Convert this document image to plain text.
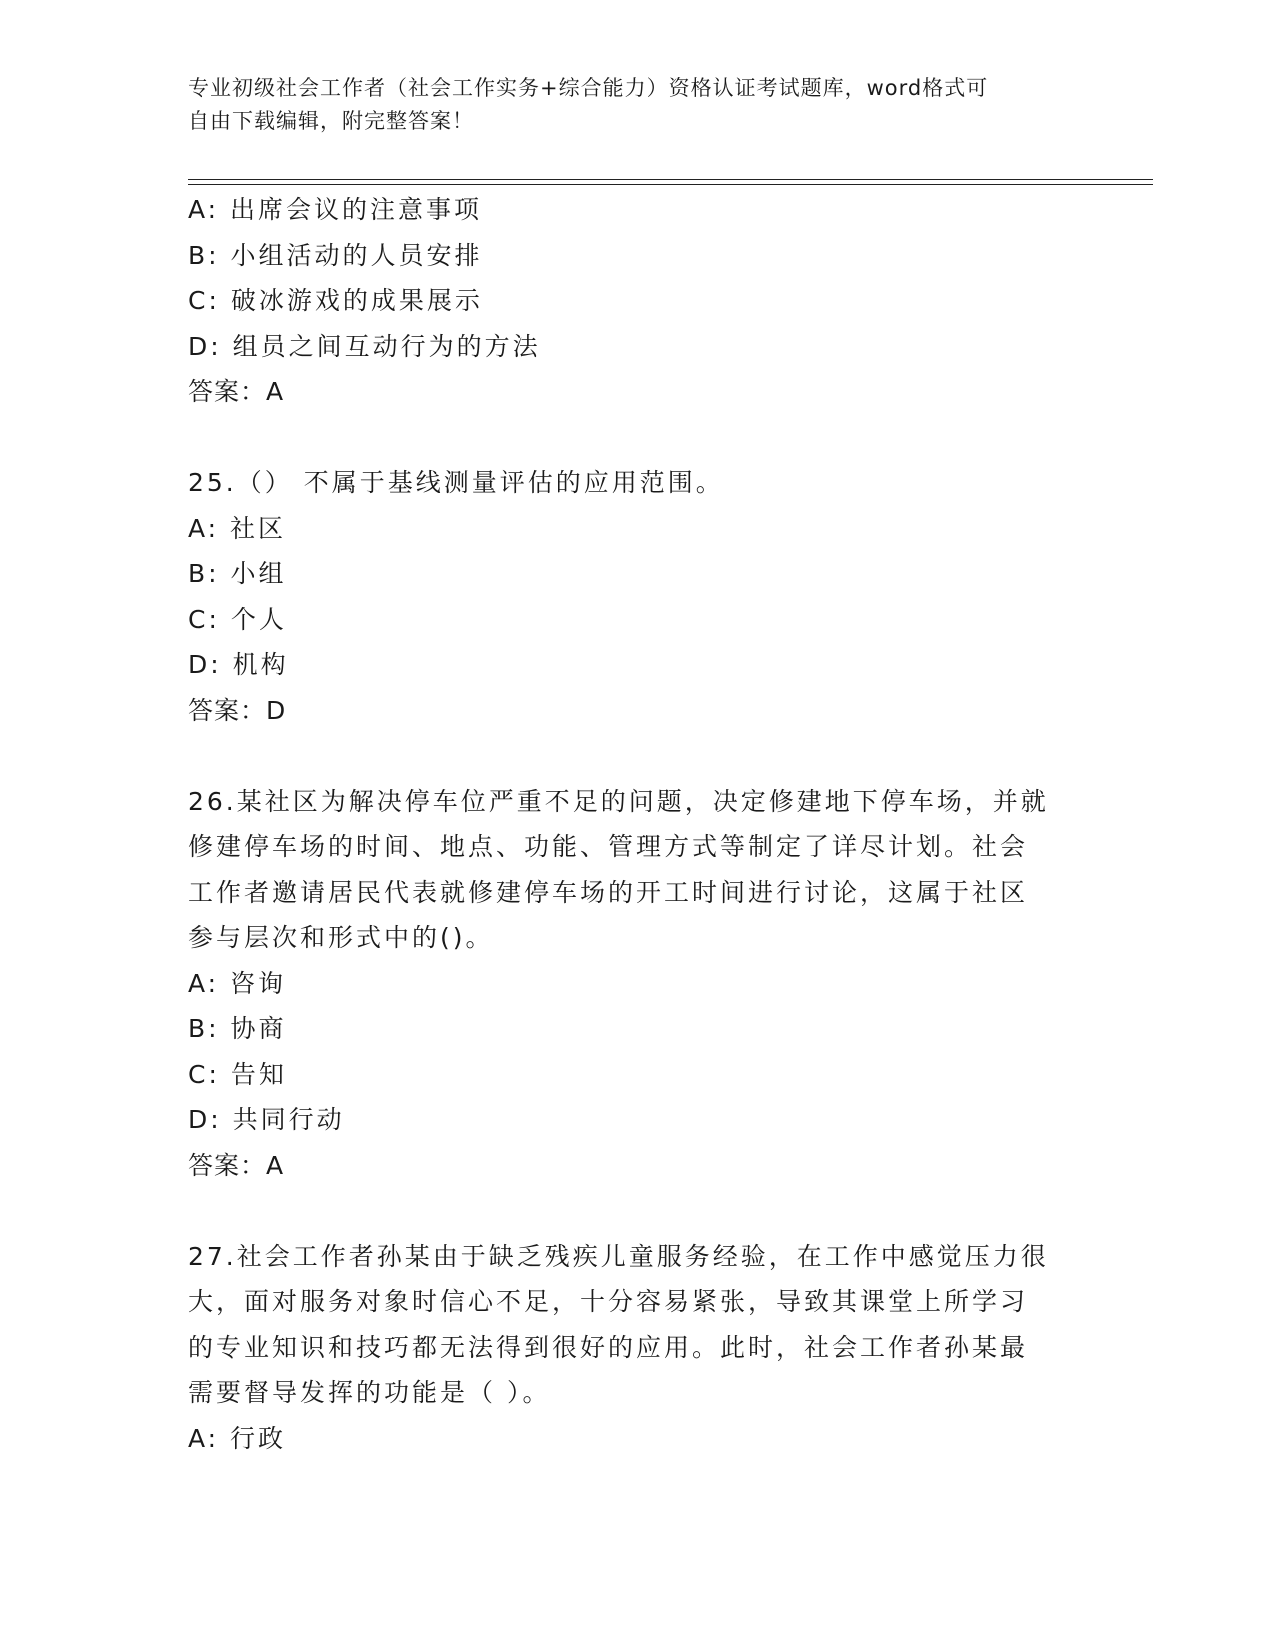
专业初级社会工作者（社会工作实务+综合能力）资格认证考试题库，word格式可
自由下载编辑，附完整答案！
A: 出席会议的注意事项
B: 小组活动的人员安排
C: 破冰游戏的成果展示
D: 组员之间互动行为的方法
答案：A
25.（） 不属于基线测量评估的应用范围。
A: 社区
B: 小组
C: 个人
D: 机构
答案：D
26.某社区为解决停车位严重不足的问题，决定修建地下停车场，并就
修建停车场的时间、地点、功能、管理方式等制定了详尽计划。社会
工作者邀请居民代表就修建停车场的开工时间进行讨论，这属于社区
参与层次和形式中的()。
A: 咨询
B: 协商
C: 告知
D: 共同行动
答案：A
27.社会工作者孙某由于缺乏残疾儿童服务经验，在工作中感觉压力很
大，面对服务对象时信心不足，十分容易紧张，导致其课堂上所学习
的专业知识和技巧都无法得到很好的应用。此时，社会工作者孙某最
需要督导发挥的功能是（ ）。
A: 行政
